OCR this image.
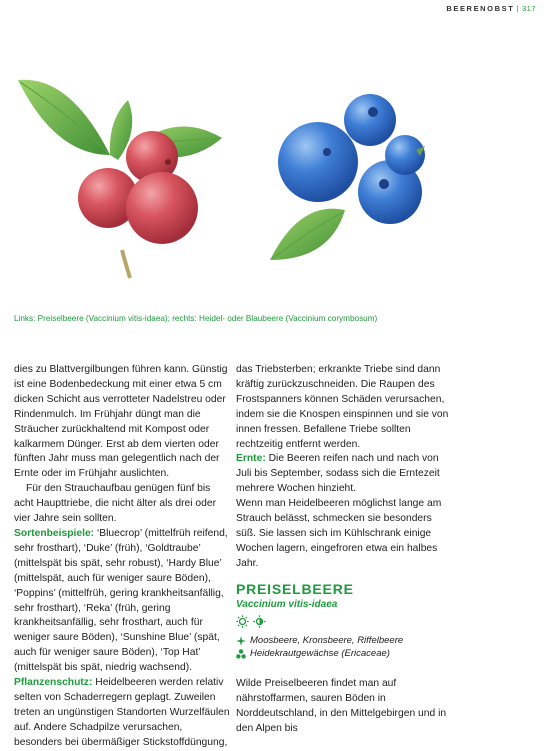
BEERENOBST | 317
Links: Preiselbeere (Vaccinium vitis-idaea); rechts: Heidel- oder Blaubeere (Vaccinium corymbosum)

dies zu Blattvergilbungen führen kann. Günstig ist eine Bodenbedeckung mit einer etwa 5 cm dicken Schicht aus verrotteter Nadelstreu oder Rindenmulch. Im Frühjahr düngt man die Sträucher zurückhaltend mit Kompost oder kalkarmem Dünger. Erst ab dem vierten oder fünften Jahr muss man gelegentlich nach der Ernte oder im Frühjahr auslichten.

Für den Strauchaufbau genügen fünf bis acht Haupttriebe, die nicht älter als drei oder vier Jahre sein sollten.

Sortenbeispiele: ‘Bluecrop’ (mittelfrüh reifend, sehr frosthart), ‘Duke’ (früh), ‘Goldtraube’ (mittelspät bis spät, sehr robust), ‘Hardy Blue’ (mittelspät, auch für weniger saure Böden), ‘Poppins’ (mittelfrüh, gering krankheitsanfällig, sehr frosthart), ‘Reka’ (früh, gering krankheitsanfällig, sehr frosthart, auch für weniger saure Böden), ‘Sunshine Blue’ (spät, auch für weniger saure Böden), ‘Top Hat’ (mittelspät bis spät, niedrig wachsend).

Pflanzenschutz: Heidelbeeren werden relativ selten von Schaderregern geplagt. Zuweilen treten an ungünstigen Standorten Wurzelfäulen auf. Andere Schadpilze verursachen, besonders bei übermäßiger Stickstoffdüngung,

das Triebsterben; erkrankte Triebe sind dann kräftig zurückzuschneiden. Die Raupen des Frostspanners können Schäden verursachen, indem sie die Knospen einspinnen und sie von innen fressen. Befallene Triebe sollten rechtzeitig entfernt werden.

Ernte: Die Beeren reifen nach und nach von Juli bis September, sodass sich die Erntezeit mehrere Wochen hinzieht.

Wenn man Heidelbeeren möglichst lange am Strauch belässt, schmecken sie besonders süß. Sie lassen sich im Kühlschrank einige Wochen lagern, eingefroren etwa ein halbes Jahr.

PREISELBEERE
Vaccinium vitis-idaea
Moosbeere, Kronsbeere, Riffelbeere
Heidekrautgewächse (Ericaceae)

Wilde Preiselbeeren findet man auf nährstoffarmen, sauren Böden in Norddeutschland, in den Mittelgebirgen und in den Alpen bis
